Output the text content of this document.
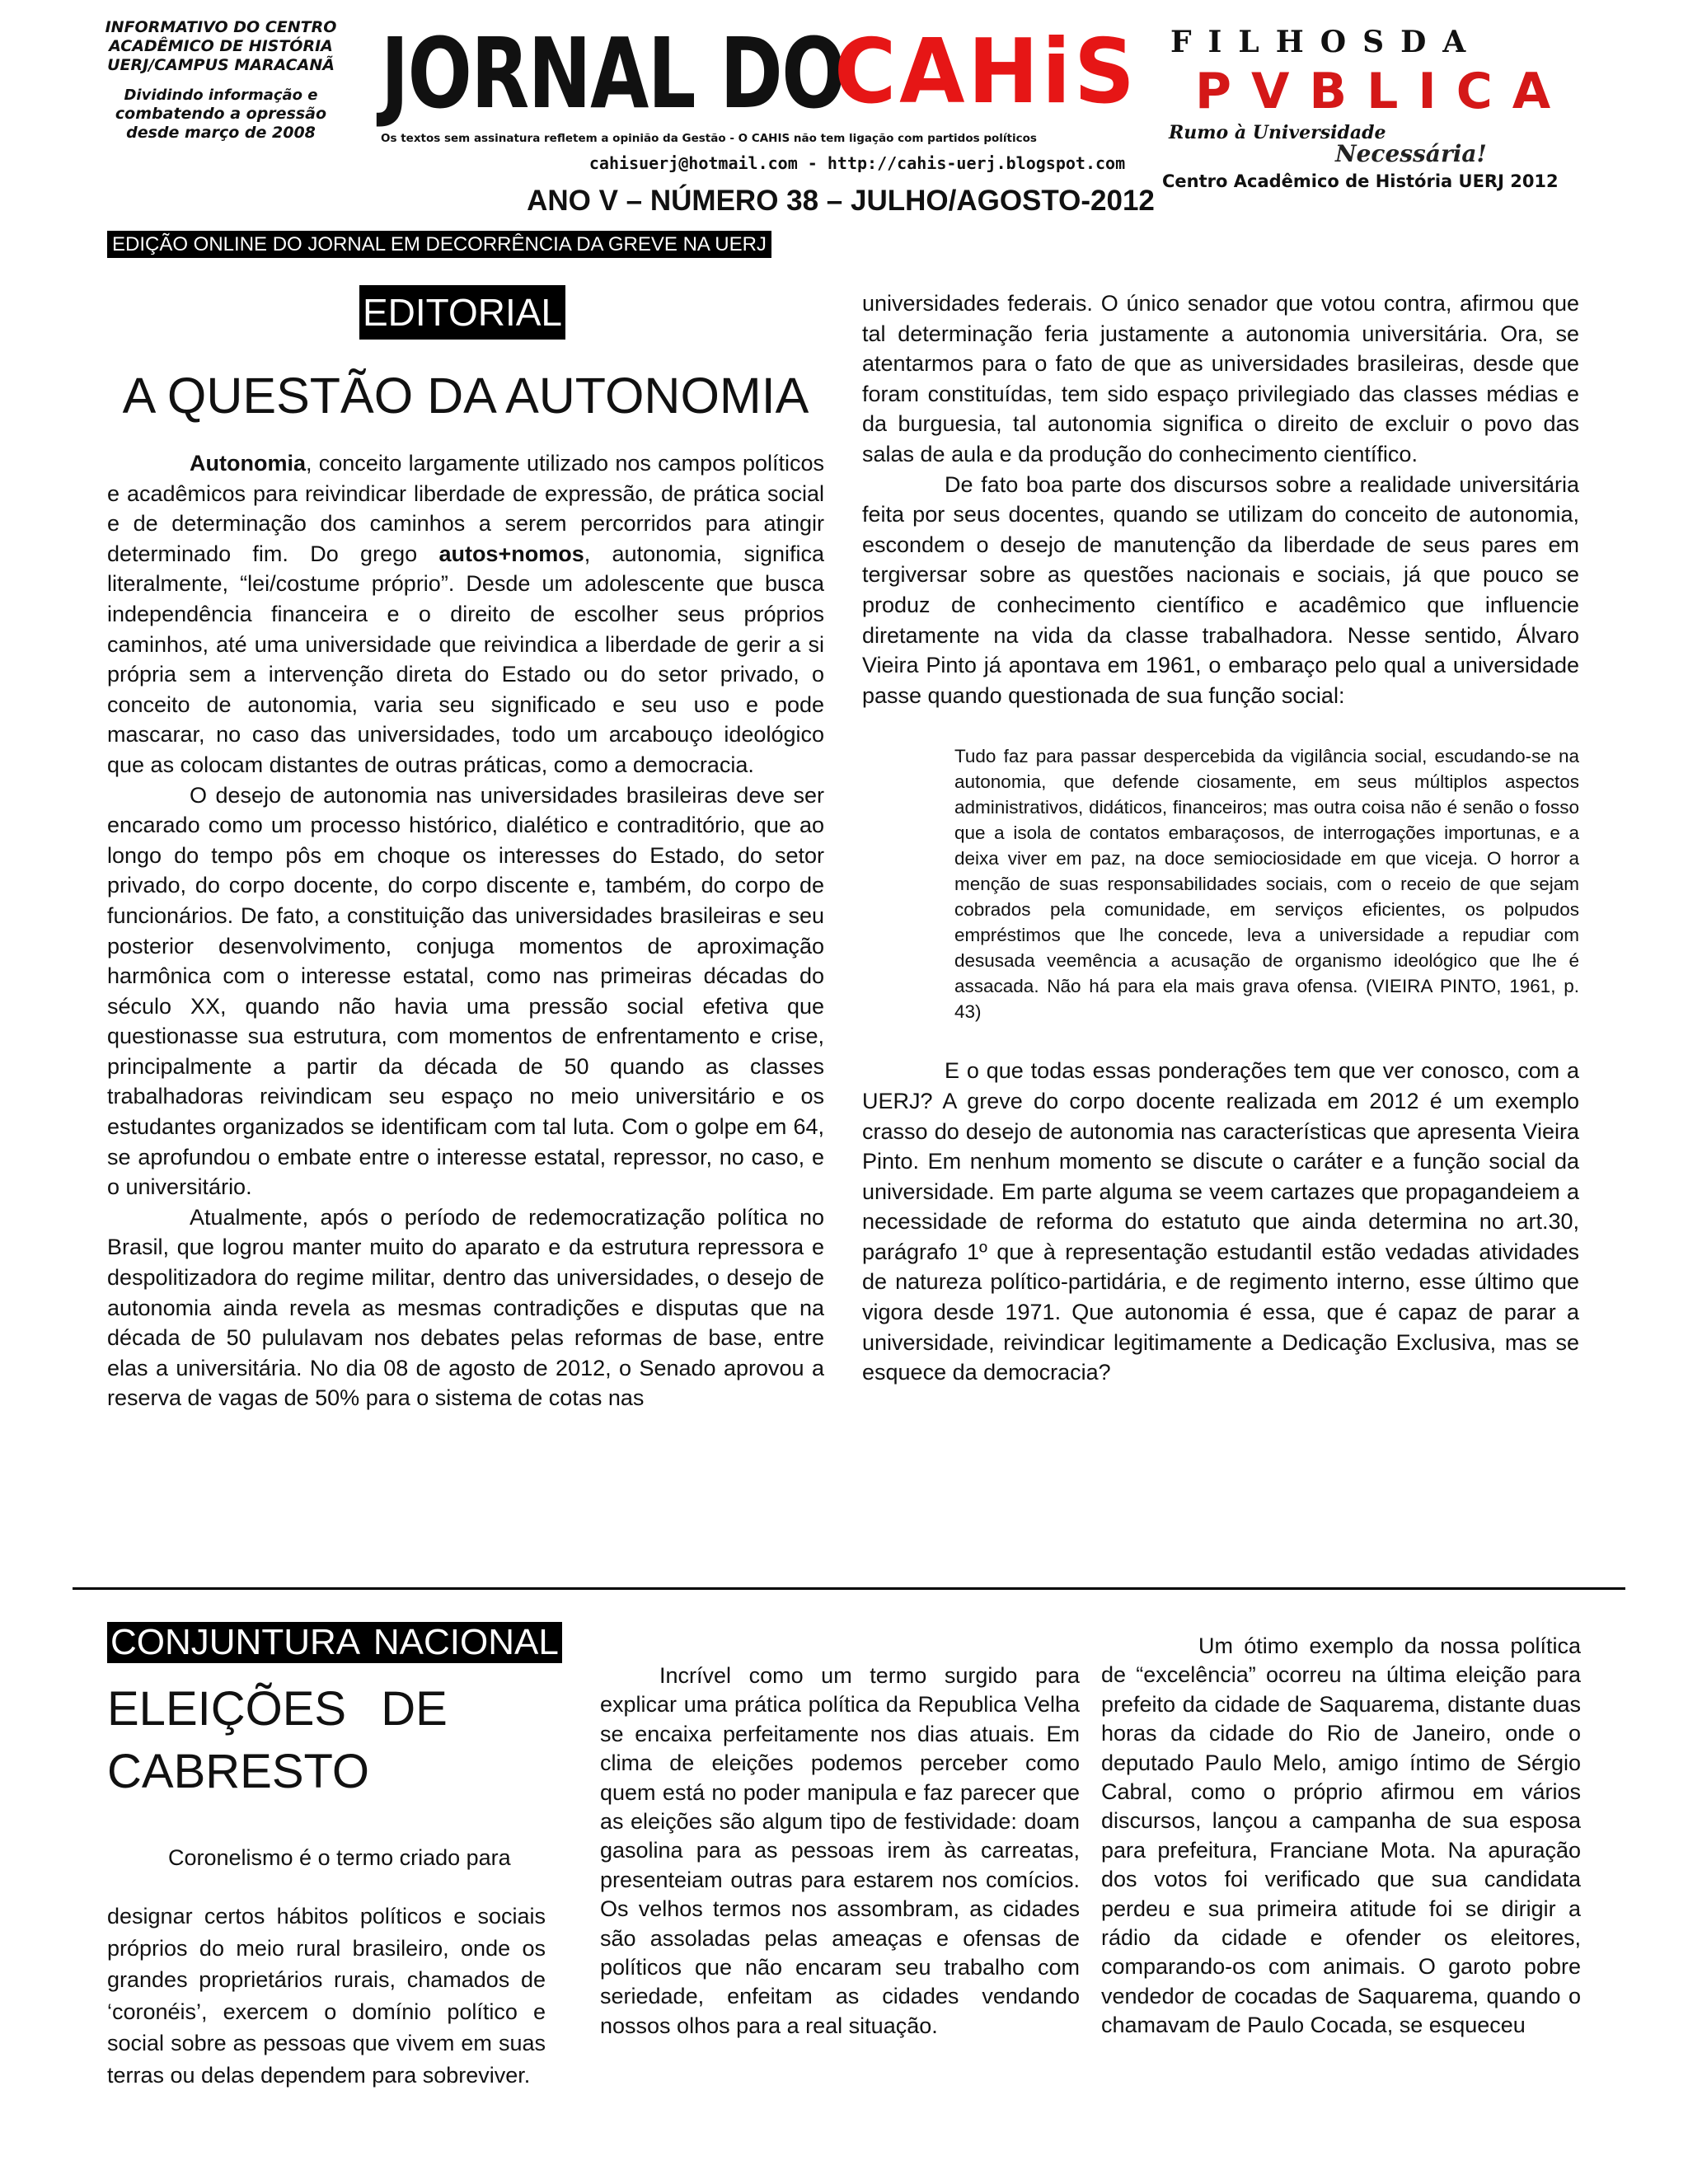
INFORMATIVO DO CENTRO
ACADÊMICO DE HISTÓRIA
UERJ/CAMPUS MARACANÃ
Dividindo informação e
combatendo a opressão
desde março de 2008
JORNAL DO
CAHiS
Os textos sem assinatura refletem a opinião da Gestão - O CAHIS não tem ligação com partidos políticos
cahisuerj@hotmail.com - http://cahis-uerj.blogspot.com
FILHOSDA
PVBLICA
Rumo à Universidade
Necessária!
Centro Acadêmico de História UERJ 2012
ANO V – NÚMERO 38 – JULHO/AGOSTO-2012
EDIÇÃO ONLINE DO JORNAL EM DECORRÊNCIA DA GREVE NA UERJ
EDITORIAL
A QUESTÃO DA AUTONOMIA

Autonomia, conceito largamente utilizado nos campos políticos e acadêmicos para reivindicar liberdade de expressão, de prática social e de determinação dos caminhos a serem percorridos para atingir determinado fim. Do grego autos+nomos, autonomia, significa literalmente, “lei/costume próprio”. Desde um adolescente que busca independência financeira e o direito de escolher seus próprios caminhos, até uma universidade que reivindica a liberdade de gerir a si própria sem a intervenção direta do Estado ou do setor privado, o conceito de autonomia, varia seu significado e seu uso e pode mascarar, no caso das universidades, todo um arcabouço ideológico que as colocam distantes de outras práticas, como a democracia.

O desejo de autonomia nas universidades brasileiras deve ser encarado como um processo histórico, dialético e contraditório, que ao longo do tempo pôs em choque os interesses do Estado, do setor privado, do corpo docente, do corpo discente e, também, do corpo de funcionários. De fato, a constituição das universidades brasileiras e seu posterior desenvolvimento, conjuga momentos de aproximação harmônica com o interesse estatal, como nas primeiras décadas do século XX, quando não havia uma pressão social efetiva que questionasse sua estrutura, com momentos de enfrentamento e crise, principalmente a partir da década de 50 quando as classes trabalhadoras reivindicam seu espaço no meio universitário e os estudantes organizados se identificam com tal luta. Com o golpe em 64, se aprofundou o embate entre o interesse estatal, repressor, no caso, e o universitário.

Atualmente, após o período de redemocratização política no Brasil, que logrou manter muito do aparato e da estrutura repressora e despolitizadora do regime militar, dentro das universidades, o desejo de autonomia ainda revela as mesmas contradições e disputas que na década de 50 pululavam nos debates pelas reformas de base, entre elas a universitária. No dia 08 de agosto de 2012, o Senado aprovou a reserva de vagas de 50% para o sistema de cotas nas

universidades federais. O único senador que votou contra, afirmou que tal determinação feria justamente a autonomia universitária. Ora, se atentarmos para o fato de que as universidades brasileiras, desde que foram constituídas, tem sido espaço privilegiado das classes médias e da burguesia, tal autonomia significa o direito de excluir o povo das salas de aula e da produção do conhecimento científico.

De fato boa parte dos discursos sobre a realidade universitária feita por seus docentes, quando se utilizam do conceito de autonomia, escondem o desejo de manutenção da liberdade de seus pares em tergiversar sobre as questões nacionais e sociais, já que pouco se produz de conhecimento científico e acadêmico que influencie diretamente na vida da classe trabalhadora. Nesse sentido, Álvaro Vieira Pinto já apontava em 1961, o embaraço pelo qual a universidade passe quando questionada de sua função social:

Tudo faz para passar despercebida da vigilância social, escudando-se na autonomia, que defende ciosamente, em seus múltiplos aspectos administrativos, didáticos, financeiros; mas outra coisa não é senão o fosso que a isola de contatos embaraçosos, de interrogações importunas, e a deixa viver em paz, na doce semiociosidade em que viceja. O horror a menção de suas responsabilidades sociais, com o receio de que sejam cobrados pela comunidade, em serviços eficientes, os polpudos empréstimos que lhe concede, leva a universidade a repudiar com desusada veemência a acusação de organismo ideológico que lhe é assacada. Não há para ela mais grava ofensa. (VIEIRA PINTO, 1961, p. 43)

E o que todas essas ponderações tem que ver conosco, com a UERJ? A greve do corpo docente realizada em 2012 é um exemplo crasso do desejo de autonomia nas características que apresenta Vieira Pinto. Em nenhum momento se discute o caráter e a função social da universidade. Em parte alguma se veem cartazes que propagandeiem a necessidade de reforma do estatuto que ainda determina no art.30, parágrafo 1º que à representação estudantil estão vedadas atividades de natureza político-partidária, e de regimento interno, esse último que vigora desde 1971. Que autonomia é essa, que é capaz de parar a universidade, reivindicar legitimamente a Dedicação Exclusiva, mas se esquece da democracia?

CONJUNTURA NACIONAL
ELEIÇÕES DE
CABRESTO
Coronelismo é o termo criado para
designar certos hábitos políticos e sociais próprios do meio rural brasileiro, onde os grandes proprietários rurais, chamados de ‘coronéis’, exercem o domínio político e social sobre as pessoas que vivem em suas terras ou delas dependem para sobreviver.
Incrível como um termo surgido para explicar uma prática política da Republica Velha se encaixa perfeitamente nos dias atuais. Em clima de eleições podemos perceber como quem está no poder manipula e faz parecer que as eleições são algum tipo de festividade: doam gasolina para as pessoas irem às carreatas, presenteiam outras para estarem nos comícios. Os velhos termos nos assombram, as cidades são assoladas pelas ameaças e ofensas de políticos que não encaram seu trabalho com seriedade, enfeitam as cidades vendando nossos olhos para a real situação.
Um ótimo exemplo da nossa política de “excelência” ocorreu na última eleição para prefeito da cidade de Saquarema, distante duas horas da cidade do Rio de Janeiro, onde o deputado Paulo Melo, amigo íntimo de Sérgio Cabral, como o próprio afirmou em vários discursos, lançou a campanha de sua esposa para prefeitura, Franciane Mota. Na apuração dos votos foi verificado que sua candidata perdeu e sua primeira atitude foi se dirigir a rádio da cidade e ofender os eleitores, comparando-os com animais. O garoto pobre vendedor de cocadas de Saquarema, quando o chamavam de Paulo Cocada, se esqueceu
